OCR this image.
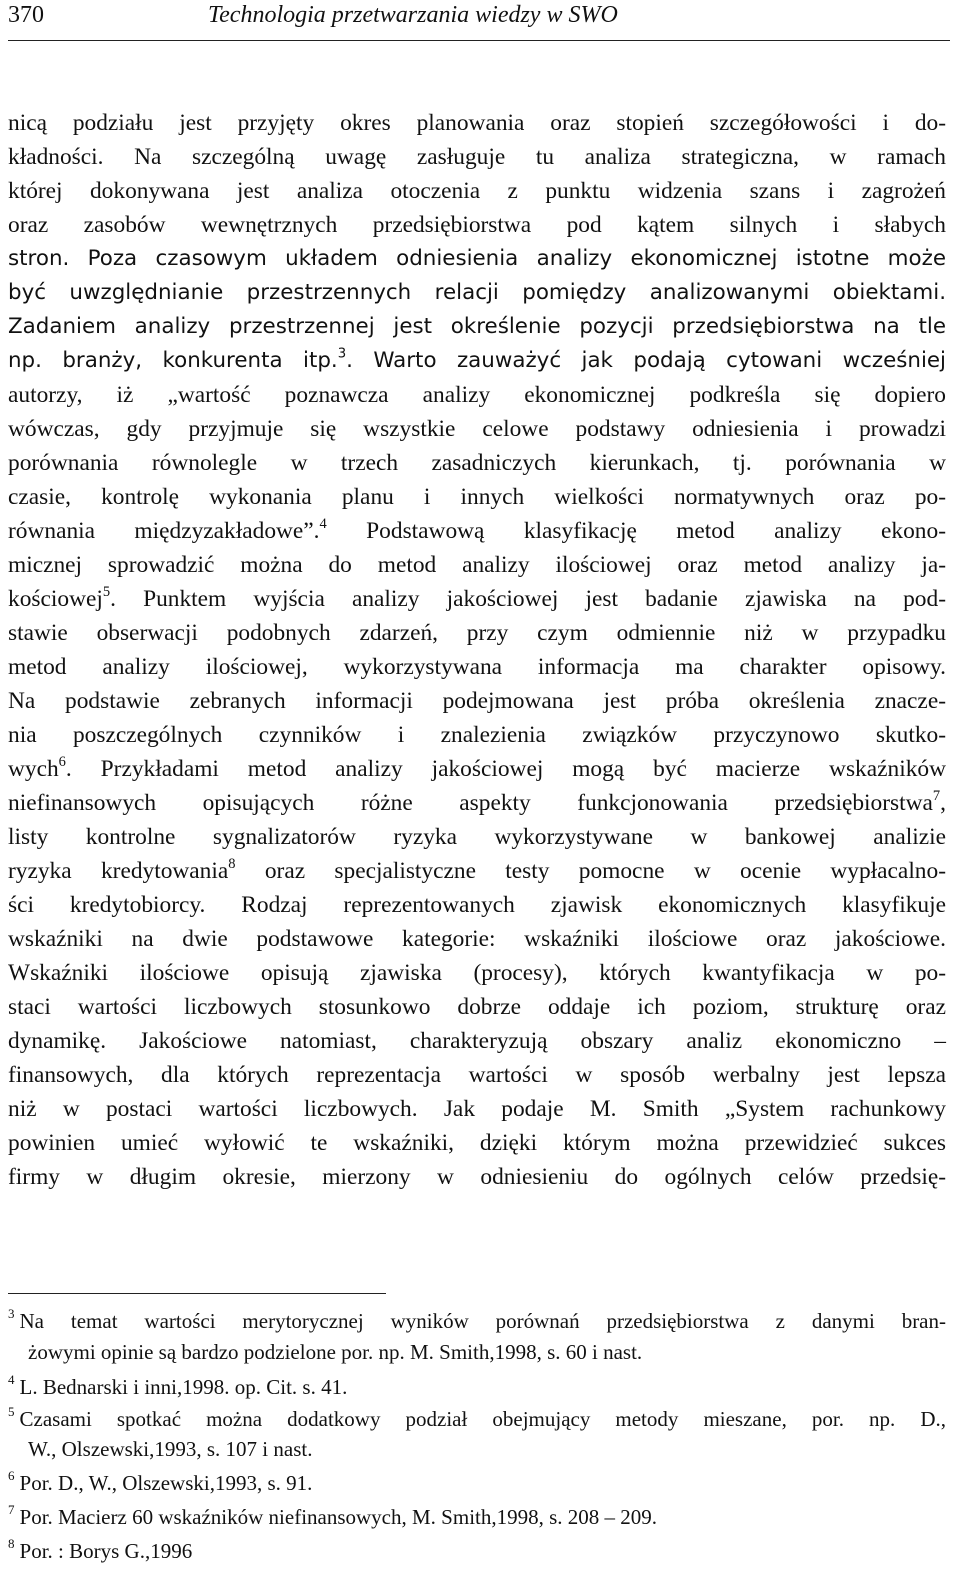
370	Technologia przetwarzania wiedzy w SWO
nicą podziału jest przyjęty okres planowania oraz stopień szczegółowości i do-
kładności. Na szczególną uwagę zasługuje tu analiza strategiczna, w ramach
której dokonywana jest analiza otoczenia z punktu widzenia szans i zagrożeń
oraz zasobów wewnętrznych przedsiębiorstwa pod kątem silnych i słabych
stron. Poza czasowym układem odniesienia analizy ekonomicznej istotne może
być uwzględnianie przestrzennych relacji pomiędzy analizowanymi obiektami.
Zadaniem analizy przestrzennej jest określenie pozycji przedsiębiorstwa na tle
np. branży, konkurenta itp.$^3$. Warto zauważyć jak podają cytowani wcześniej
autorzy, iż „wartość poznawcza analizy ekonomicznej podkreśla się dopiero
wówczas, gdy przyjmuje się wszystkie celowe podstawy odniesienia i prowadzi
porównania równolegle w trzech zasadniczych kierunkach, tj. porównania w
czasie, kontrolę wykonania planu i innych wielkości normatywnych oraz po-
równania międzyzakładowe”.$^4$ Podstawową klasyfikację metod analizy ekono-
micznej sprowadzić można do metod analizy ilościowej oraz metod analizy ja-
kościowej$^5$. Punktem wyjścia analizy jakościowej jest badanie zjawiska na pod-
stawie obserwacji podobnych zdarzeń, przy czym odmiennie niż w przypadku
metod analizy ilościowej, wykorzystywana informacja ma charakter opisowy.
Na podstawie zebranych informacji podejmowana jest próba określenia znacze-
nia poszczególnych czynników i znalezienia związków przyczynowo skutko-
wych$^6$. Przykładami metod analizy jakościowej mogą być macierze wskaźników
niefinansowych opisujących różne aspekty funkcjonowania przedsiębiorstwa$^7$,
listy kontrolne sygnalizatorów ryzyka wykorzystywane w bankowej analizie
ryzyka kredytowania$^8$ oraz specjalistyczne testy pomocne w ocenie wypłacalno-
ści kredytobiorcy. Rodzaj reprezentowanych zjawisk ekonomicznych klasyfikuje
wskaźniki na dwie podstawowe kategorie: wskaźniki ilościowe oraz jakościowe.
Wskaźniki ilościowe opisują zjawiska (procesy), których kwantyfikacja w po-
staci wartości liczbowych stosunkowo dobrze oddaje ich poziom, strukturę oraz
dynamikę. Jakościowe natomiast, charakteryzują obszary analiz ekonomiczno –
finansowych, dla których reprezentacja wartości w sposób werbalny jest lepsza
niż w postaci wartości liczbowych. Jak podaje M. Smith „System rachunkowy
powinien umieć wyłowić te wskaźniki, dzięki którym można przewidzieć sukces
firmy w długim okresie, mierzony w odniesieniu do ogólnych celów przedsię-
$^3$ Na temat wartości merytorycznej wyników porównań przedsiębiorstwa z danymi bran-
żowymi opinie są bardzo podzielone por. np. M. Smith,1998, s. 60 i nast.
$^4$ L. Bednarski i inni,1998. op. Cit. s. 41.
$^5$ Czasami spotkać można dodatkowy podział obejmujący metody mieszane, por. np. D.,
W., Olszewski,1993, s. 107 i nast.
$^6$ Por. D., W., Olszewski,1993, s. 91.
$^7$ Por. Macierz 60 wskaźników niefinansowych, M. Smith,1998, s. 208 – 209.
$^8$ Por. : Borys G.,1996
